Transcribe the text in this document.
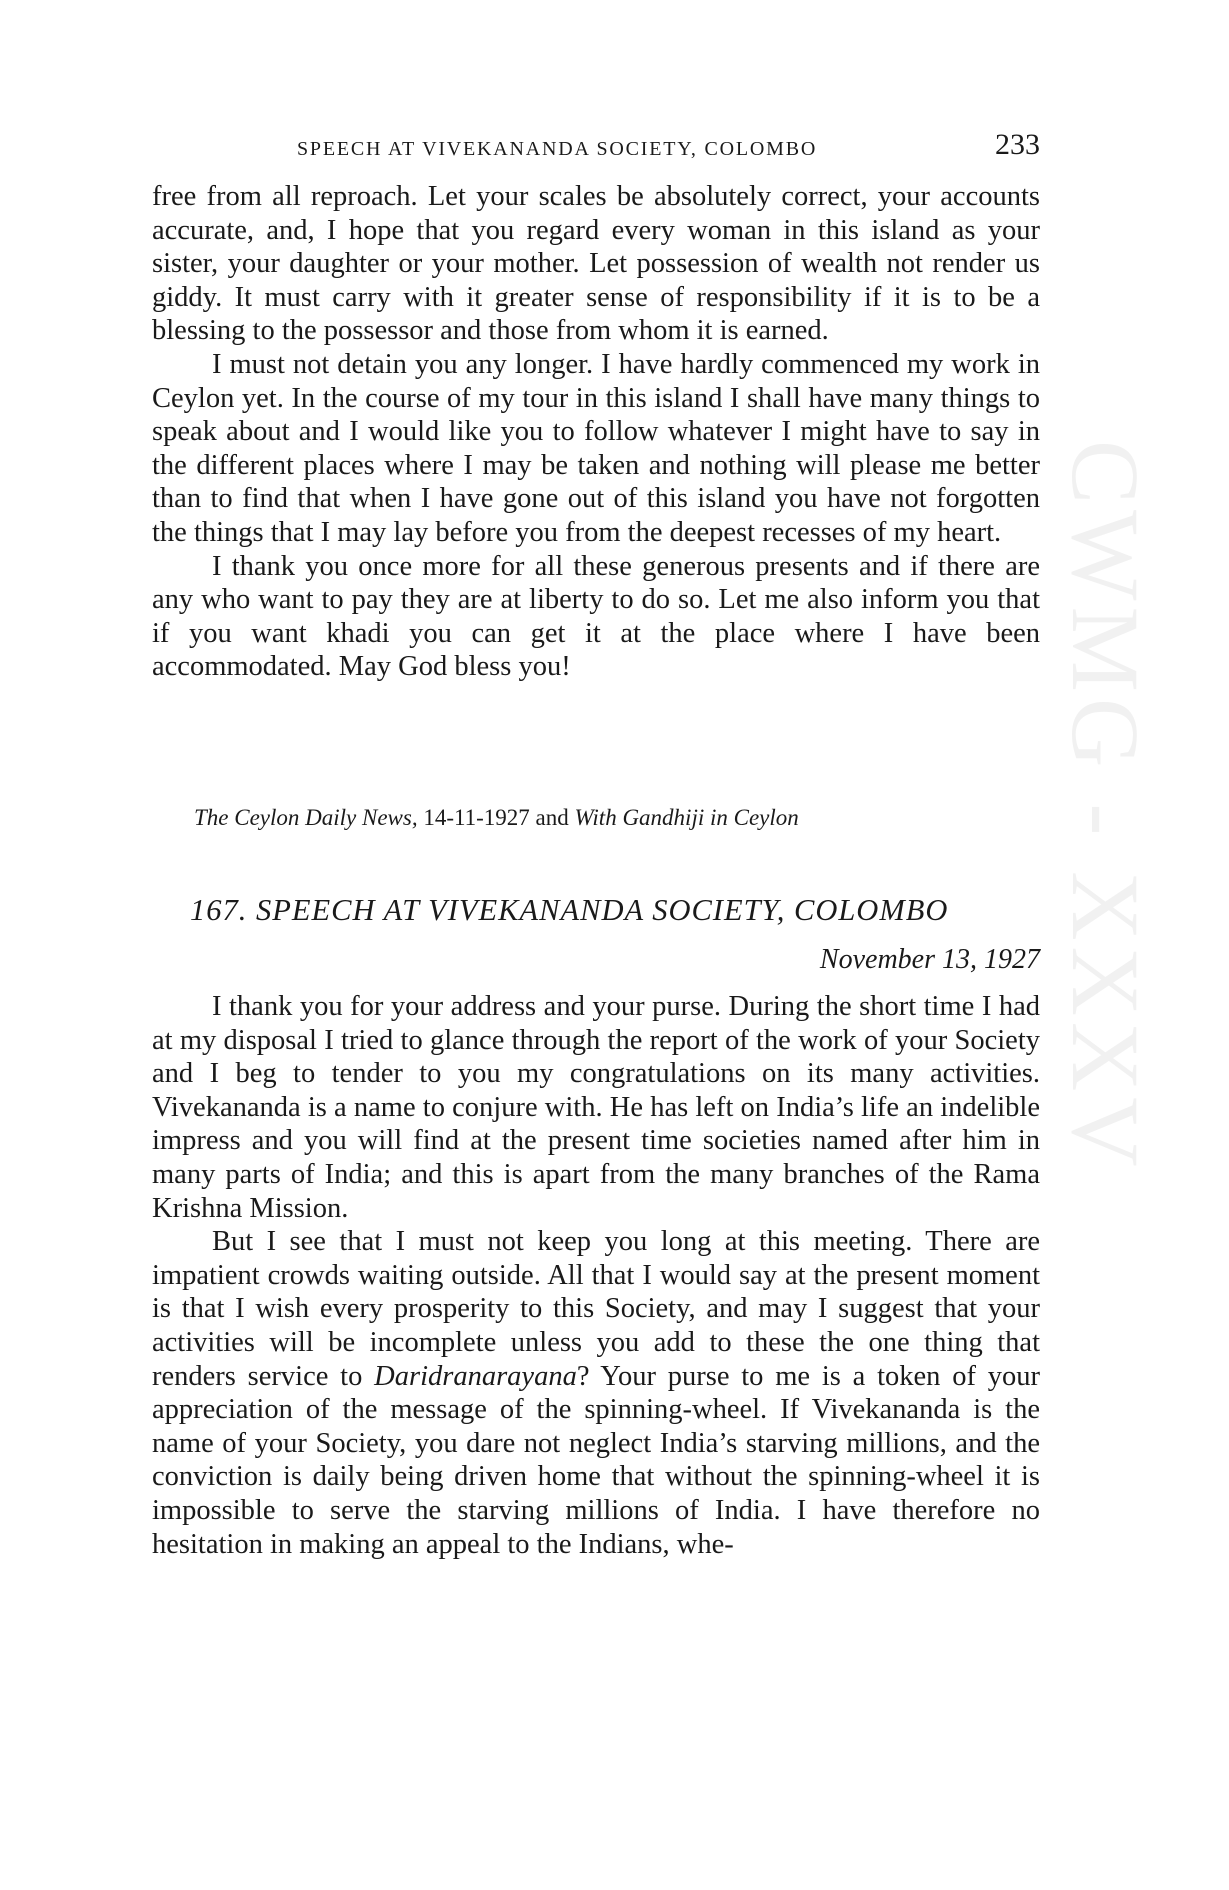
CWMG - XXXV
SPEECH AT VIVEKANANDA SOCIETY, COLOMBO	233

free from all reproach. Let your scales be absolutely correct, your accounts accurate, and, I hope that you regard every woman in this island as your sister, your daughter or your mother. Let possession of wealth not render us giddy. It must carry with it greater sense of responsibility if it is to be a blessing to the possessor and those from whom it is earned.

I must not detain you any longer. I have hardly commenced my work in Ceylon yet. In the course of my tour in this island I shall have many things to speak about and I would like you to follow whatever I might have to say in the different places where I may be taken and nothing will please me better than to find that when I have gone out of this island you have not forgotten the things that I may lay before you from the deepest recesses of my heart.

I thank you once more for all these generous presents and if there are any who want to pay they are at liberty to do so. Let me also inform you that if you want khadi you can get it at the place where I have been accommodated. May God bless you!

The Ceylon Daily News, 14-11-1927 and With Gandhiji in Ceylon
167. SPEECH AT VIVEKANANDA SOCIETY, COLOMBO
November 13, 1927

I thank you for your address and your purse. During the short time I had at my disposal I tried to glance through the report of the work of your Society and I beg to tender to you my congratulations on its many activities. Vivekananda is a name to conjure with. He has left on India’s life an indelible impress and you will find at the present time societies named after him in many parts of India; and this is apart from the many branches of the Rama Krishna Mission.

But I see that I must not keep you long at this meeting. There are impatient crowds waiting outside. All that I would say at the present moment is that I wish every prosperity to this Society, and may I suggest that your activities will be incomplete unless you add to these the one thing that renders service to Daridranarayana? Your purse to me is a token of your appreciation of the message of the spinning-wheel. If Vivekananda is the name of your Society, you dare not neglect India’s starving millions, and the conviction is daily being driven home that without the spinning-wheel it is impossible to serve the starving millions of India. I have therefore no hesitation in making an appeal to the Indians, whe-
